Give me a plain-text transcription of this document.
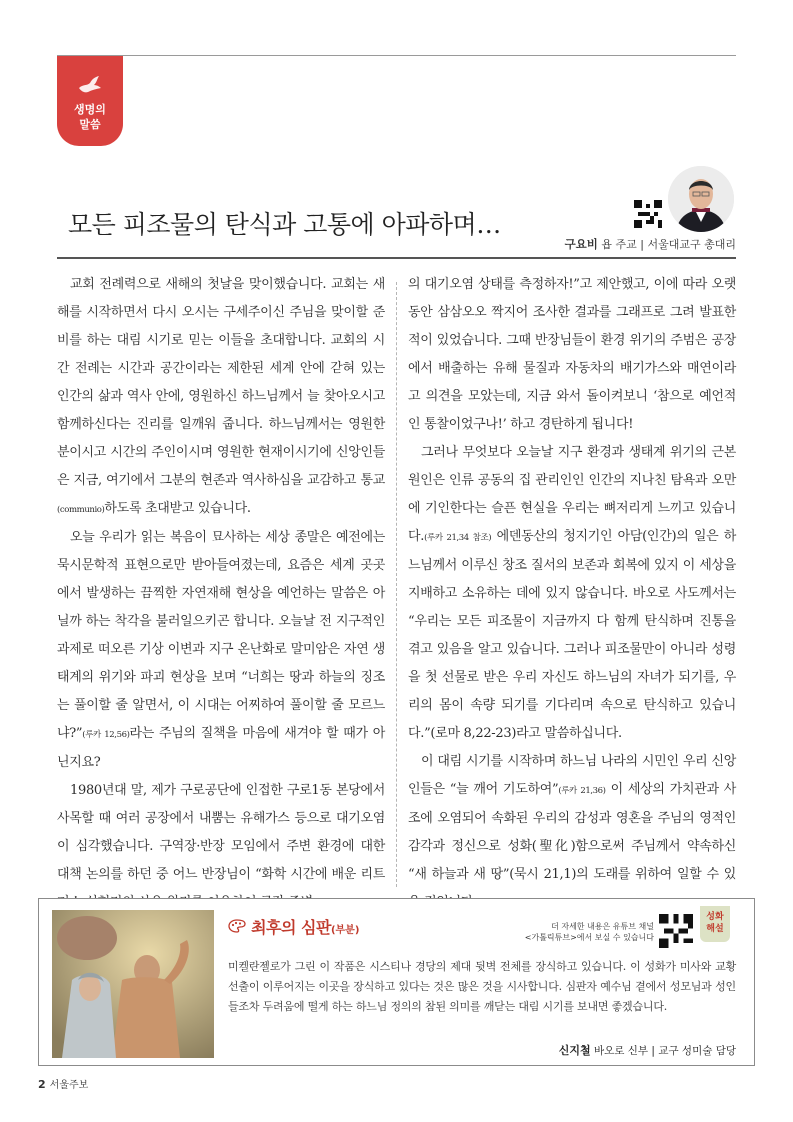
생명의
말씀
모든 피조물의 탄식과 고통에 아파하며…
구요비 욥 주교 | 서울대교구 총대리

교회 전례력으로 새해의 첫날을 맞이했습니다. 교회는 새해를 시작하면서 다시 오시는 구세주이신 주님을 맞이할 준비를 하는 대림 시기로 믿는 이들을 초대합니다. 교회의 시간 전례는 시간과 공간이라는 제한된 세계 안에 갇혀 있는 인간의 삶과 역사 안에, 영원하신 하느님께서 늘 찾아오시고 함께하신다는 진리를 일깨워 줍니다. 하느님께서는 영원한 분이시고 시간의 주인이시며 영원한 현재이시기에 신앙인들은 지금, 여기에서 그분의 현존과 역사하심을 교감하고 통교(communio)하도록 초대받고 있습니다.

오늘 우리가 읽는 복음이 묘사하는 세상 종말은 예전에는 묵시문학적 표현으로만 받아들여졌는데, 요즘은 세계 곳곳에서 발생하는 끔찍한 자연재해 현상을 예언하는 말씀은 아닐까 하는 착각을 불러일으키곤 합니다. 오늘날 전 지구적인 과제로 떠오른 기상 이변과 지구 온난화로 말미암은 자연 생태계의 위기와 파괴 현상을 보며 “너희는 땅과 하늘의 징조는 풀이할 줄 알면서, 이 시대는 어찌하여 풀이할 줄 모르느냐?”(루카 12,56)라는 주님의 질책을 마음에 새겨야 할 때가 아닌지요?

1980년대 말, 제가 구로공단에 인접한 구로1동 본당에서 사목할 때 여러 공장에서 내뿜는 유해가스 등으로 대기오염이 심각했습니다. 구역장·반장 모임에서 주변 환경에 대한 대책 논의를 하던 중 어느 반장님이 “화학 시간에 배운 리트

의 대기오염 상태를 측정하자!”고 제안했고, 이에 따라 오랫동안 삼삼오오 짝지어 조사한 결과를 그래프로 그려 발표한 적이 있었습니다. 그때 반장님들이 환경 위기의 주범은 공장에서 배출하는 유해 물질과 자동차의 배기가스와 매연이라고 의견을 모았는데, 지금 와서 돌이켜보니 ‘참으로 예언적인 통찰이었구나!’ 하고 경탄하게 됩니다!

그러나 무엇보다 오늘날 지구 환경과 생태계 위기의 근본 원인은 인류 공동의 집 관리인인 인간의 지나친 탐욕과 오만에 기인한다는 슬픈 현실을 우리는 뼈저리게 느끼고 있습니다.(루카 21,34 참조) 에덴동산의 청지기인 아담(인간)의 일은 하느님께서 이루신 창조 질서의 보존과 회복에 있지 이 세상을 지배하고 소유하는 데에 있지 않습니다. 바오로 사도께서는 “우리는 모든 피조물이 지금까지 다 함께 탄식하며 진통을 겪고 있음을 알고 있습니다. 그러나 피조물만이 아니라 성령을 첫 선물로 받은 우리 자신도 하느님의 자녀가 되기를, 우리의 몸이 속량 되기를 기다리며 속으로 탄식하고 있습니다.”(로마 8,22-23)라고 말씀하십니다.

이 대림 시기를 시작하며 하느님 나라의 시민인 우리 신앙인들은 “늘 깨어 기도하여”(루카 21,36) 이 세상의 가치관과 사조에 오염되어 속화된 우리의 감성과 영혼을 주님의 영적인 감각과 정신으로 성화(聖化)함으로써 주님께서 약속하신 “새 하늘과 새 땅”(묵시 21,1)의 도래를 위하여 일할 수 있

최후의 심판(부분)	더 자세한 내용은 유튜브 채널
<가톨릭튜브>에서 보실 수 있습니다
성화
해설
미켈란젤로가 그린 이 작품은 시스티나 경당의 제대 뒷벽 전체를 장식하고 있습니다. 이 성화가 미사와 교황 선출이 이루어지는 이곳을 장식하고 있다는 것은 많은 것을 시사합니다. 심판자 예수님 곁에서 성모님과 성인들조차 두려움에 떨게 하는 하느님 정의의 참된 의미를 깨닫는 대림 시기를 보내면 좋겠습니다.
신지철 바오로 신부 | 교구 성미술 담당
2 서울주보
